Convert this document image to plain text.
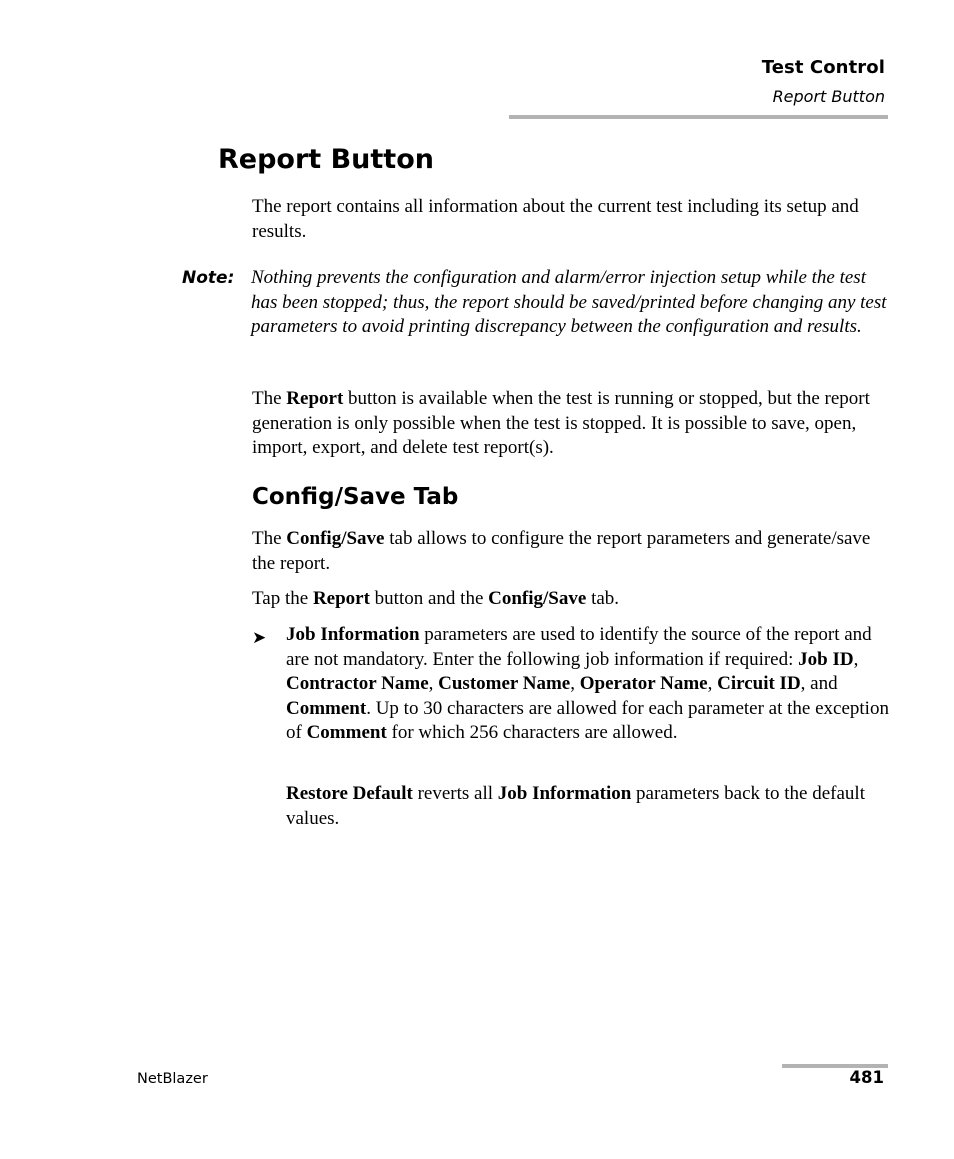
Test Control
Report Button
Report Button

The report contains all information about the current test including its setup and results.

Note: Nothing prevents the configuration and alarm/error injection setup while the test has been stopped; thus, the report should be saved/printed before changing any test parameters to avoid printing discrepancy between the configuration and results.

The Report button is available when the test is running or stopped, but the report generation is only possible when the test is stopped. It is possible to save, open, import, export, and delete test report(s).

Config/Save Tab

The Config/Save tab allows to configure the report parameters and generate/save the report.

Tap the Report button and the Config/Save tab.

➤ Job Information parameters are used to identify the source of the report and are not mandatory. Enter the following job information if required: Job ID, Contractor Name, Customer Name, Operator Name, Circuit ID, and Comment. Up to 30 characters are allowed for each parameter at the exception of Comment for which 256 characters are allowed.

Restore Default reverts all Job Information parameters back to the default values.

NetBlazer	481
